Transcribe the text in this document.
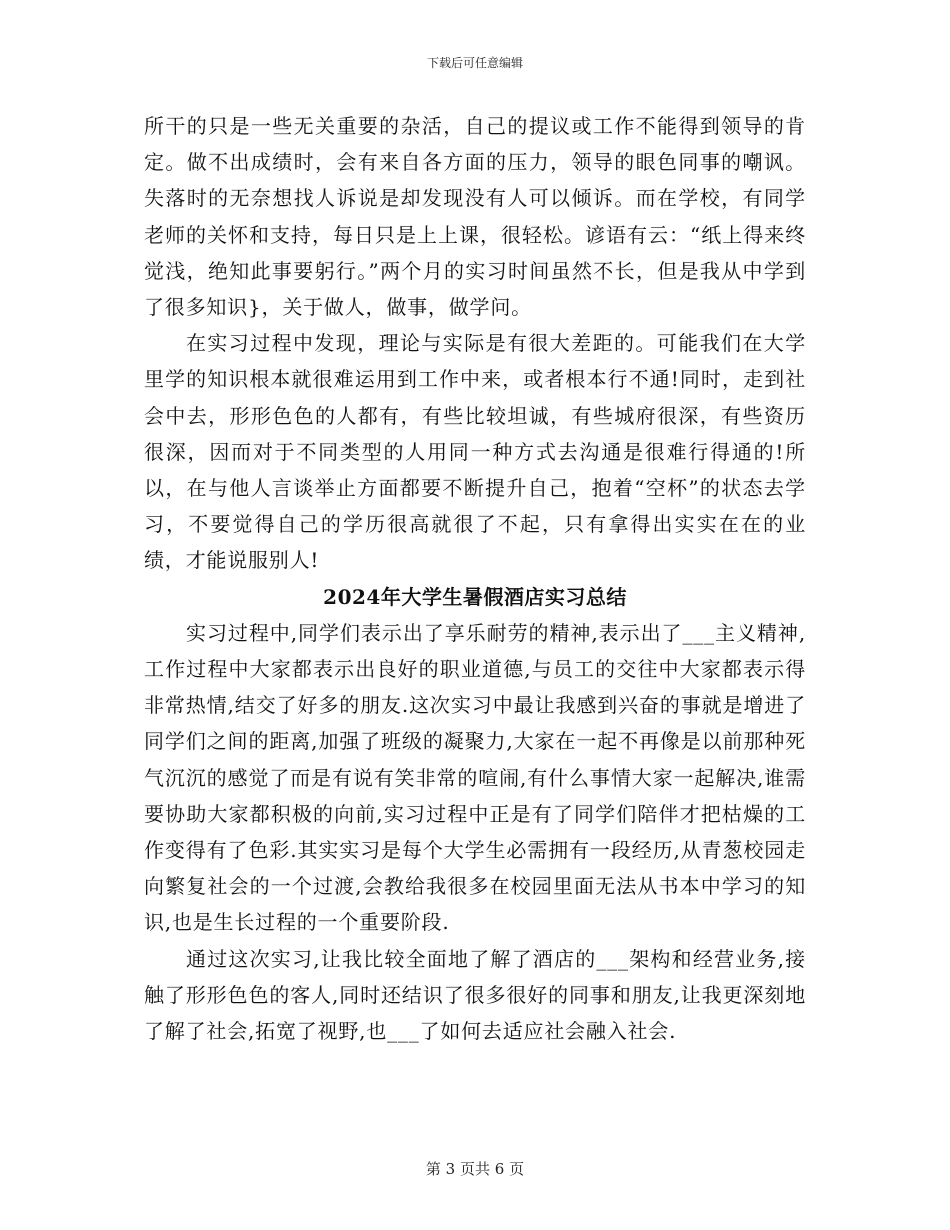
下载后可任意编辑

所干的只是一些无关重要的杂活，自己的提议或工作不能得到领导的肯定。做不出成绩时，会有来自各方面的压力，领导的眼色同事的嘲讽。失落时的无奈想找人诉说是却发现没有人可以倾诉。而在学校，有同学老师的关怀和支持，每日只是上上课，很轻松。谚语有云：“纸上得来终觉浅，绝知此事要躬行。”两个月的实习时间虽然不长，但是我从中学到了很多知识}，关于做人，做事，做学问。

在实习过程中发现，理论与实际是有很大差距的。可能我们在大学里学的知识根本就很难运用到工作中来，或者根本行不通!同时，走到社会中去，形形色色的人都有，有些比较坦诚，有些城府很深，有些资历很深，因而对于不同类型的人用同一种方式去沟通是很难行得通的!所以，在与他人言谈举止方面都要不断提升自己，抱着“空杯”的状态去学习，不要觉得自己的学历很高就很了不起，只有拿得出实实在在的业绩，才能说服别人!

2024年大学生暑假酒店实习总结

实习过程中,同学们表示出了享乐耐劳的精神,表示出了___主义精神,工作过程中大家都表示出良好的职业道德,与员工的交往中大家都表示得非常热情,结交了好多的朋友.这次实习中最让我感到兴奋的事就是增进了同学们之间的距离,加强了班级的凝聚力,大家在一起不再像是以前那种死气沉沉的感觉了而是有说有笑非常的喧闹,有什么事情大家一起解决,谁需要协助大家都积极的向前,实习过程中正是有了同学们陪伴才把枯燥的工作变得有了色彩.其实实习是每个大学生必需拥有一段经历,从青葱校园走向繁复社会的一个过渡,会教给我很多在校园里面无法从书本中学习的知识,也是生长过程的一个重要阶段.

通过这次实习,让我比较全面地了解了酒店的___架构和经营业务,接触了形形色色的客人,同时还结识了很多很好的同事和朋友,让我更深刻地了解了社会,拓宽了视野,也___了如何去适应社会融入社会.

第 3 页共 6 页
